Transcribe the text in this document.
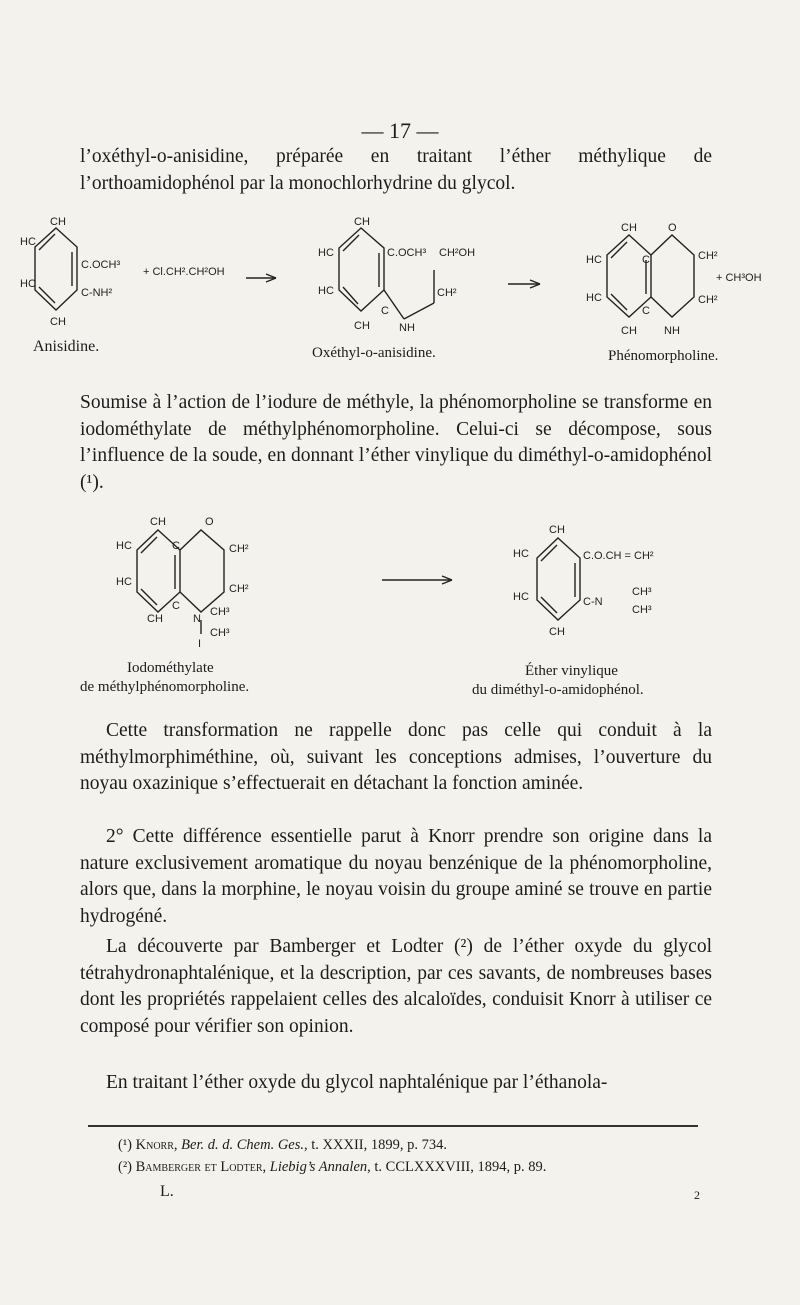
— 17 —

l’oxéthyl-o-anisidine, préparée en traitant l’éther méthylique de l’orthoamidophénol par la monochlorhydrine du glycol.

CH
HC
C.OCH³
HC
C-NH²
CH
Anisidine.
+ Cl.CH².CH²OH
CH
HC	C.OCH³ CH²OH
HC
C
CH²
CH	NH
Oxéthyl-o-anisidine.
CH	O
HC	C	CH²
+ CH³OH
HC
C
CH²
CH NH
Phénomorpholine.

Soumise à l’action de l’iodure de méthyle, la phénomorpholine se transforme en iodométhylate de méthylphénomorpholine. Celui-ci se décompose, sous l’influence de la soude, en donnant l’éther vinylique du diméthyl-o-amidophénol (¹).

CH	O
HC	C	CH²
HC
C
CH²
CH	N
CH³
CH³
I
Iodométhylate
de méthylphénomorpholine.
CH
HC	C.O.CH = CH²
HC	C-N
CH³
CH³
CH
Éther vinylique
du diméthyl-o-amidophénol.

Cette transformation ne rappelle donc pas celle qui conduit à la méthylmorphiméthine, où, suivant les conceptions admises, l’ouverture du noyau oxazinique s’effectuerait en détachant la fonction aminée.

2° Cette différence essentielle parut à Knorr prendre son origine dans la nature exclusivement aromatique du noyau benzénique de la phénomorpholine, alors que, dans la morphine, le noyau voisin du groupe aminé se trouve en partie hydrogéné.

La découverte par Bamberger et Lodter (²) de l’éther oxyde du glycol tétrahydronaphtalénique, et la description, par ces savants, de nombreuses bases dont les propriétés rappelaient celles des alcaloïdes, conduisit Knorr à utiliser ce composé pour vérifier son opinion.

En traitant l’éther oxyde du glycol naphtalénique par l’éthanola-

(¹) Knorr, Ber. d. d. Chem. Ges., t. XXXII, 1899, p. 734.
(²) Bamberger et Lodter, Liebig’s Annalen, t. CCLXXXVIII, 1894, p. 89.
L.	2
